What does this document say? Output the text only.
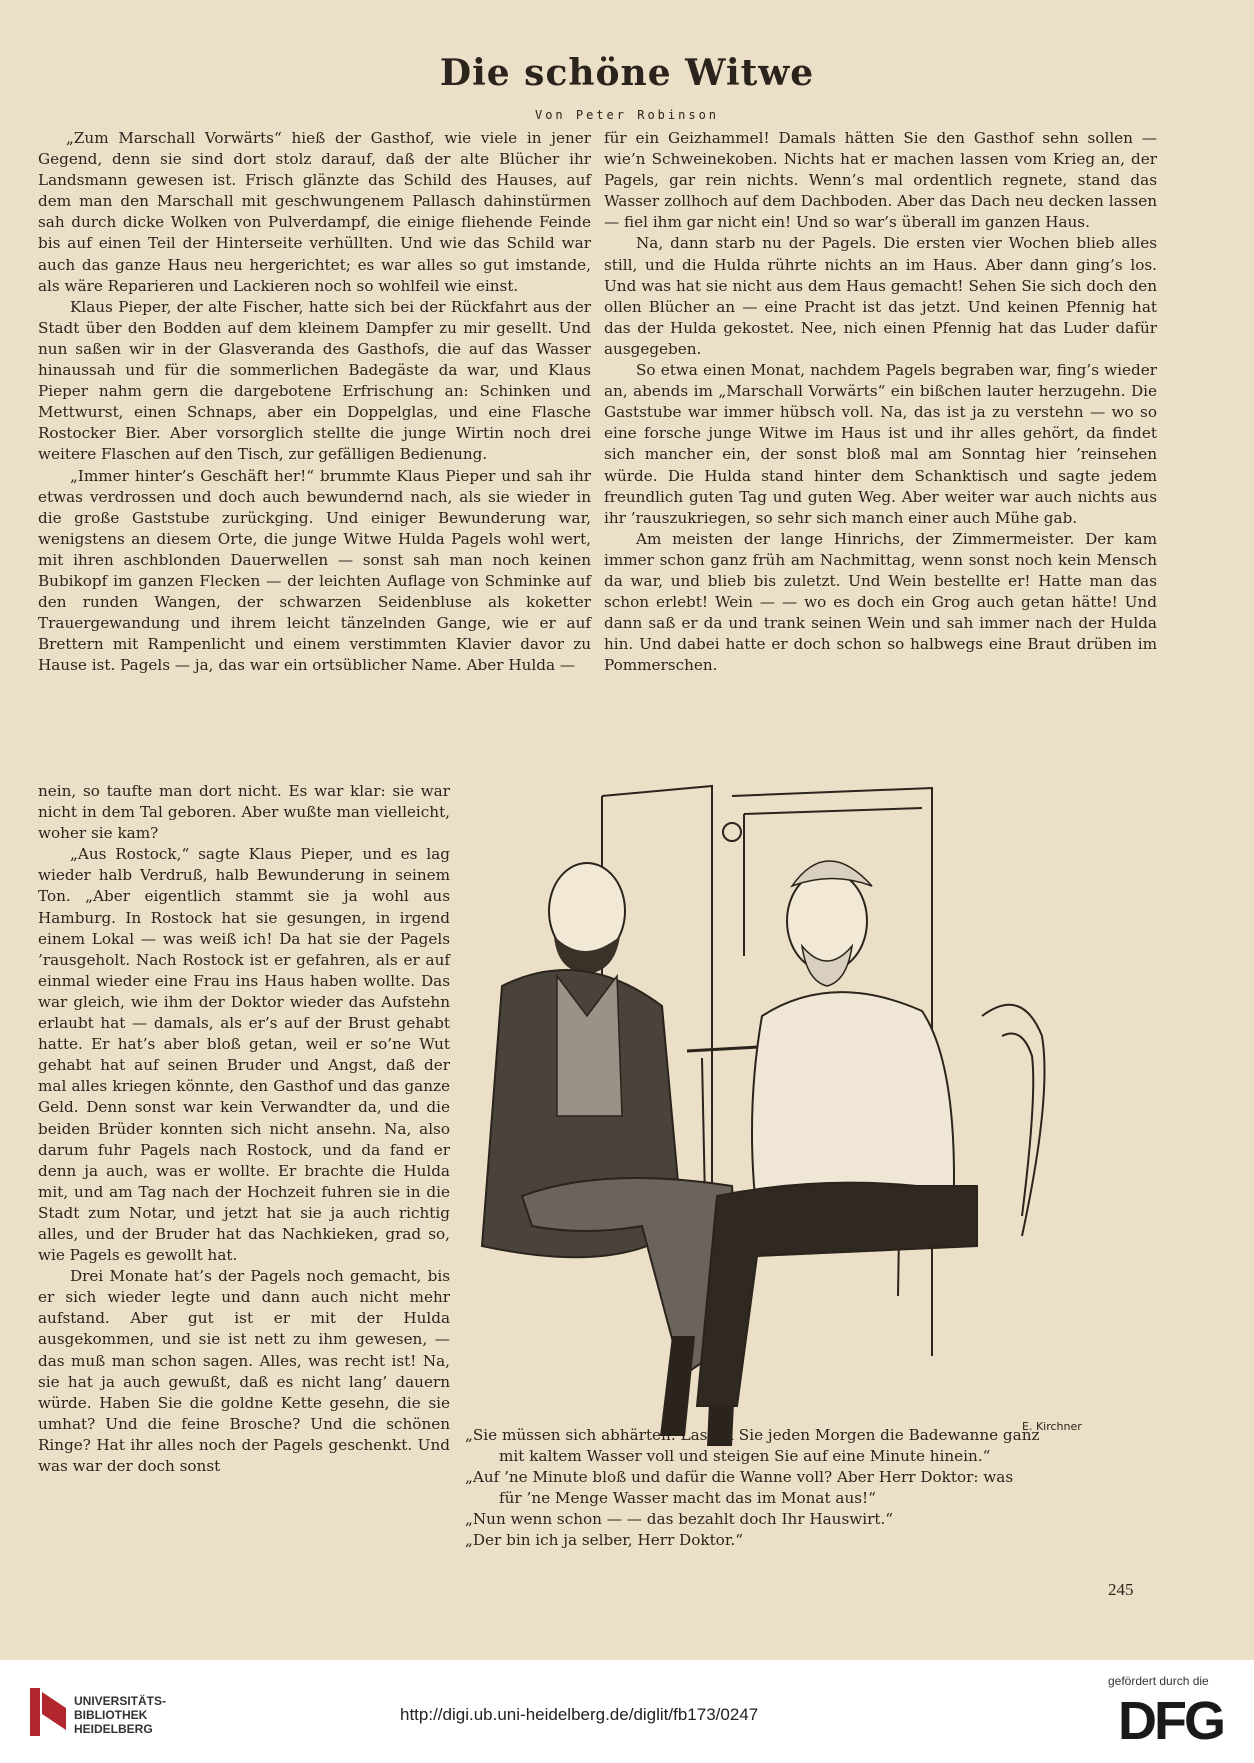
Die schöne Witwe
Von Peter Robinson

„Zum Marschall Vorwärts“ hieß der Gasthof, wie viele in jener Gegend, denn sie sind dort stolz darauf, daß der alte Blücher ihr Landsmann gewesen ist. Frisch glänzte das Schild des Hauses, auf dem man den Marschall mit geschwungenem Pallasch dahinstürmen sah durch dicke Wolken von Pulverdampf, die einige fliehende Feinde bis auf einen Teil der Hinterseite verhüllten. Und wie das Schild war auch das ganze Haus neu hergerichtet; es war alles so gut imstande, als wäre Reparieren und Lackieren noch so wohlfeil wie einst.

Klaus Pieper, der alte Fischer, hatte sich bei der Rückfahrt aus der Stadt über den Bodden auf dem kleinem Dampfer zu mir gesellt. Und nun saßen wir in der Glasveranda des Gasthofs, die auf das Wasser hinaussah und für die sommerlichen Badegäste da war, und Klaus Pieper nahm gern die dargebotene Erfrischung an: Schinken und Mettwurst, einen Schnaps, aber ein Doppelglas, und eine Flasche Rostocker Bier. Aber vorsorglich stellte die junge Wirtin noch drei weitere Flaschen auf den Tisch, zur gefälligen Bedienung.

„Immer hinter’s Geschäft her!“ brummte Klaus Pieper und sah ihr etwas verdrossen und doch auch bewundernd nach, als sie wieder in die große Gaststube zurückging. Und einiger Bewunderung war, wenigstens an diesem Orte, die junge Witwe Hulda Pagels wohl wert, mit ihren aschblonden Dauerwellen — sonst sah man noch keinen Bubikopf im ganzen Flecken — der leichten Auflage von Schminke auf den runden Wangen, der schwarzen Seidenbluse als koketter Trauergewandung und ihrem leicht tänzelnden Gange, wie er auf Brettern mit Rampenlicht und einem verstimmten Klavier davor zu Hause ist. Pagels — ja, das war ein ortsüblicher Name. Aber Hulda —

für ein Geizhammel! Damals hätten Sie den Gasthof sehn sollen — wie’n Schweinekoben. Nichts hat er machen lassen vom Krieg an, der Pagels, gar rein nichts. Wenn’s mal ordentlich regnete, stand das Wasser zollhoch auf dem Dachboden. Aber das Dach neu decken lassen — fiel ihm gar nicht ein! Und so war’s überall im ganzen Haus.

Na, dann starb nu der Pagels. Die ersten vier Wochen blieb alles still, und die Hulda rührte nichts an im Haus. Aber dann ging’s los. Und was hat sie nicht aus dem Haus gemacht! Sehen Sie sich doch den ollen Blücher an — eine Pracht ist das jetzt. Und keinen Pfennig hat das der Hulda gekostet. Nee, nich einen Pfennig hat das Luder dafür ausgegeben.

So etwa einen Monat, nachdem Pagels begraben war, fing’s wieder an, abends im „Marschall Vorwärts“ ein bißchen lauter herzugehn. Die Gaststube war immer hübsch voll. Na, das ist ja zu verstehn — wo so eine forsche junge Witwe im Haus ist und ihr alles gehört, da findet sich mancher ein, der sonst bloß mal am Sonntag hier ’reinsehen würde. Die Hulda stand hinter dem Schanktisch und sagte jedem freundlich guten Tag und guten Weg. Aber weiter war auch nichts aus ihr ’rauszukriegen, so sehr sich manch einer auch Mühe gab.

Am meisten der lange Hinrichs, der Zimmermeister. Der kam immer schon ganz früh am Nachmittag, wenn sonst noch kein Mensch da war, und blieb bis zuletzt. Und Wein bestellte er! Hatte man das schon erlebt! Wein — — wo es doch ein Grog auch getan hätte! Und dann saß er da und trank seinen Wein und sah immer nach der Hulda hin. Und dabei hatte er doch schon so halbwegs eine Braut drüben im Pommerschen.

nein, so taufte man dort nicht. Es war klar: sie war nicht in dem Tal geboren. Aber wußte man vielleicht, woher sie kam?

„Aus Rostock,“ sagte Klaus Pieper, und es lag wieder halb Verdruß, halb Bewunderung in seinem Ton. „Aber eigentlich stammt sie ja wohl aus Hamburg. In Rostock hat sie gesungen, in irgend einem Lokal — was weiß ich! Da hat sie der Pagels ’rausgeholt. Nach Rostock ist er gefahren, als er auf einmal wieder eine Frau ins Haus haben wollte. Das war gleich, wie ihm der Doktor wieder das Aufstehn erlaubt hat — damals, als er’s auf der Brust gehabt hatte. Er hat’s aber bloß getan, weil er so’ne Wut gehabt hat auf seinen Bruder und Angst, daß der mal alles kriegen könnte, den Gasthof und das ganze Geld. Denn sonst war kein Verwandter da, und die beiden Brüder konnten sich nicht ansehn. Na, also darum fuhr Pagels nach Rostock, und da fand er denn ja auch, was er wollte. Er brachte die Hulda mit, und am Tag nach der Hochzeit fuhren sie in die Stadt zum Notar, und jetzt hat sie ja auch richtig alles, und der Bruder hat das Nachkieken, grad so, wie Pagels es gewollt hat.

Drei Monate hat’s der Pagels noch gemacht, bis er sich wieder legte und dann auch nicht mehr aufstand. Aber gut ist er mit der Hulda ausgekommen, und sie ist nett zu ihm gewesen, — das muß man schon sagen. Alles, was recht ist! Na, sie hat ja auch gewußt, daß es nicht lang’ dauern würde. Haben Sie die goldne Kette gesehn, die sie umhat? Und die feine Brosche? Und die schönen Ringe? Hat ihr alles noch der Pagels geschenkt. Und was war der doch sonst

E. Kirchner

„Sie müssen sich abhärten. Lassen Sie jeden Morgen die Badewanne ganz

mit kaltem Wasser voll und steigen Sie auf eine Minute hinein.“

„Auf ’ne Minute bloß und dafür die Wanne voll? Aber Herr Doktor: was

für ’ne Menge Wasser macht das im Monat aus!“

„Nun wenn schon — — das bezahlt doch Ihr Hauswirt.“

„Der bin ich ja selber, Herr Doktor.“

245
UNIVERSITÄTS-
BIBLIOTHEK
HEIDELBERG
http://digi.ub.uni-heidelberg.de/diglit/fb173/0247
gefördert durch die
DFG
